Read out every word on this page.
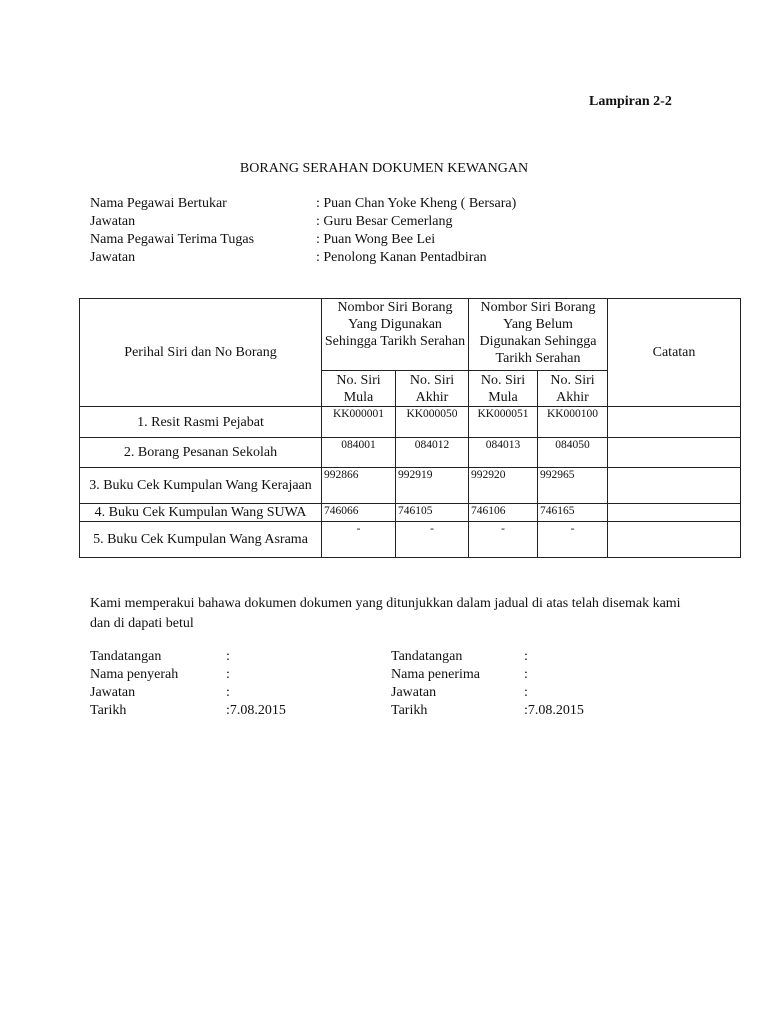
Lampiran 2-2
BORANG SERAHAN DOKUMEN KEWANGAN
Nama Pegawai Bertukar	: Puan Chan Yoke Kheng ( Bersara)
Jawatan	: Guru Besar Cemerlang
Nama Pegawai Terima Tugas	: Puan Wong Bee Lei
Jawatan	: Penolong Kanan Pentadbiran
Perihal Siri dan No Borang	Nombor Siri Borang Yang Digunakan Sehingga Tarikh Serahan		Nombor Siri Borang Yang Belum Digunakan Sehingga Tarikh Serahan		Catatan
	No. Siri Mula	No. Siri Akhir	No. Siri Mula	No. Siri Akhir	
1. Resit Rasmi Pejabat	KK000001	KK000050	KK000051	KK000100	
2. Borang Pesanan Sekolah	084001	084012	084013	084050	
3. Buku Cek Kumpulan Wang Kerajaan	992866	992919	992920	992965	
4. Buku Cek Kumpulan Wang SUWA	746066	746105	746106	746165	
5. Buku Cek Kumpulan Wang Asrama	-	-	-	-	
Kami memperakui bahawa dokumen dokumen yang ditunjukkan dalam jadual di atas telah disemak kami dan di dapati betul
Tandatangan	:
Nama penyerah	:
Jawatan	:
Tarikh	:7.08.2015
Tandatangan	:
Nama penerima	:
Jawatan	:
Tarikh	:7.08.2015
